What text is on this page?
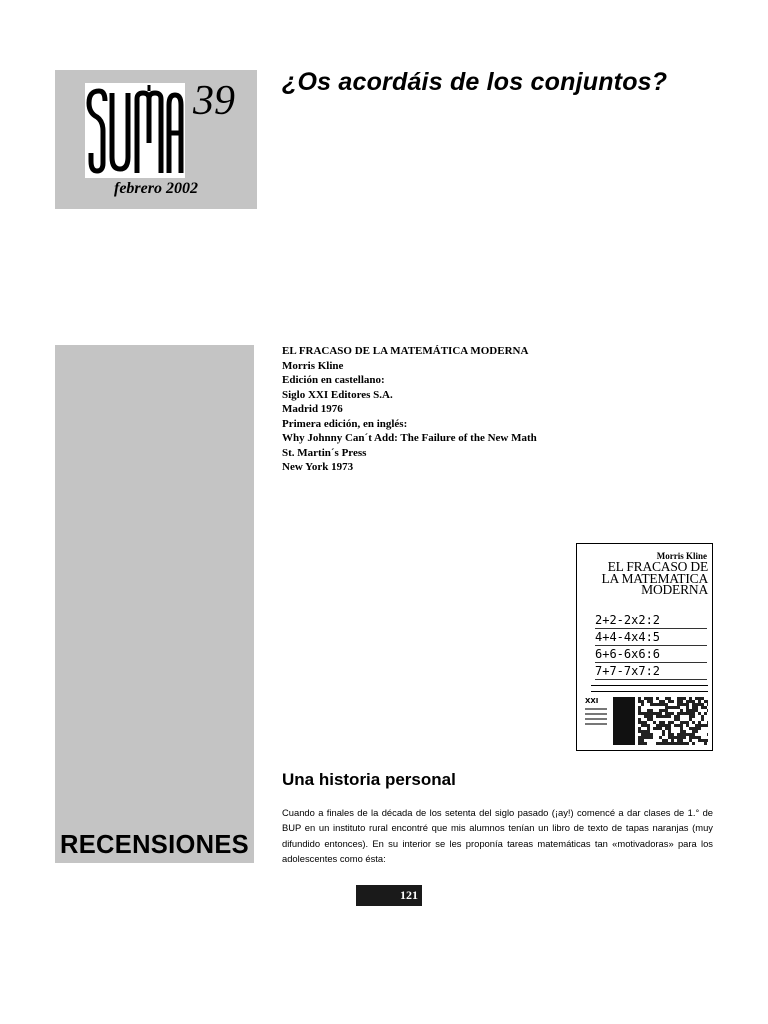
39
febrero 2002
¿Os acordáis de los conjuntos?
RECENSIONES
EL FRACASO DE LA MATEMÁTICA MODERNA
Morris Kline
Edición en castellano:
Siglo XXI Editores S.A.
Madrid 1976
Primera edición, en inglés:
Why Johnny Can´t Add: The Failure of the New Math
St. Martin´s Press
New York 1973
Morris Kline
EL FRACASO DE
LA MATEMATICA
MODERNA
2+2-2x2:2
4+4-4x4:5
6+6-6x6:6
7+7-7x7:2
XXI
Una historia personal

Cuando a finales de la década de los setenta del siglo pasado (¡ay!) comencé a dar clases de 1.° de BUP en un instituto rural encontré que mis alumnos tenían un libro de texto de tapas naranjas (muy difundido entonces). En su interior se les proponía tareas matemáticas tan «motivadoras» para los adolescentes como ésta:

121
